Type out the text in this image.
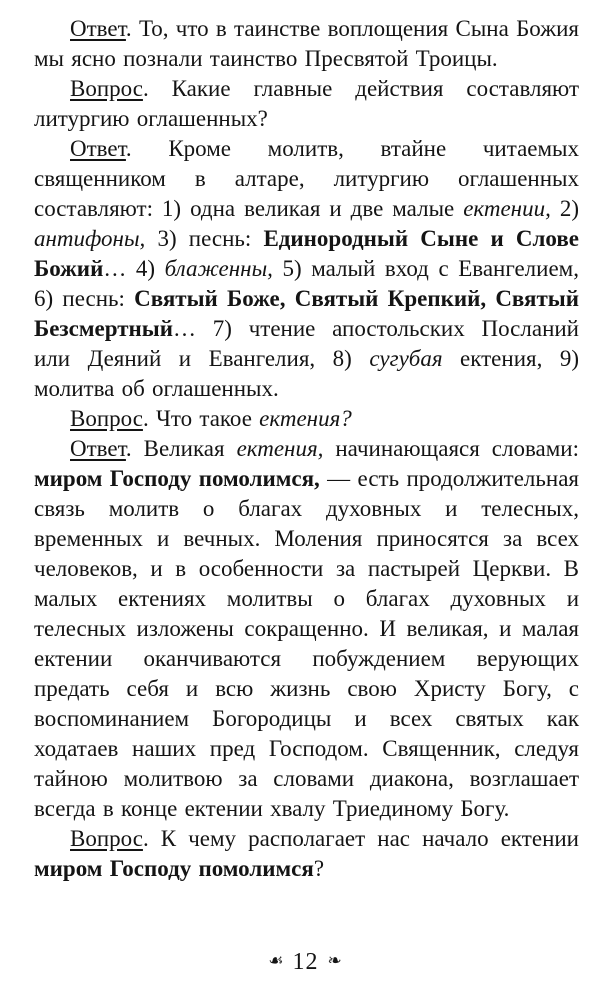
Ответ. То, что в таинстве воплощения Сына Божия мы ясно познали таинство Пресвятой Троицы.

Вопрос. Какие главные действия составляют литургию оглашенных?

Ответ. Кроме молитв, втайне читаемых священником в алтаре, литургию оглашенных составляют: 1) одна великая и две малые ектении, 2) антифоны, 3) песнь: Единородный Сыне и Слове Божий… 4) блаженны, 5) малый вход с Евангелием, 6) песнь: Святый Боже, Святый Крепкий, Святый Безсмертный… 7) чтение апостольских Посланий или Деяний и Евангелия, 8) сугубая ектения, 9) молитва об оглашенных.

Вопрос. Что такое ектения?

Ответ. Великая ектения, начинающаяся словами: миром Господу помолимся, — есть продолжительная связь молитв о благах духовных и телесных, временных и вечных. Моления приносятся за всех человеков, и в особенности за пастырей Церкви. В малых ектениях молитвы о благах духовных и телесных изложены сокращенно. И великая, и малая ектении оканчиваются побуждением верующих предать себя и всю жизнь свою Христу Богу, с воспоминанием Богородицы и всех святых как ходатаев наших пред Господом. Священник, следуя тайною молитвою за словами диакона, возглашает всегда в конце ектении хвалу Триединому Богу.

Вопрос. К чему располагает нас начало ектении миром Господу помолимся?

☙ 12 ❧
